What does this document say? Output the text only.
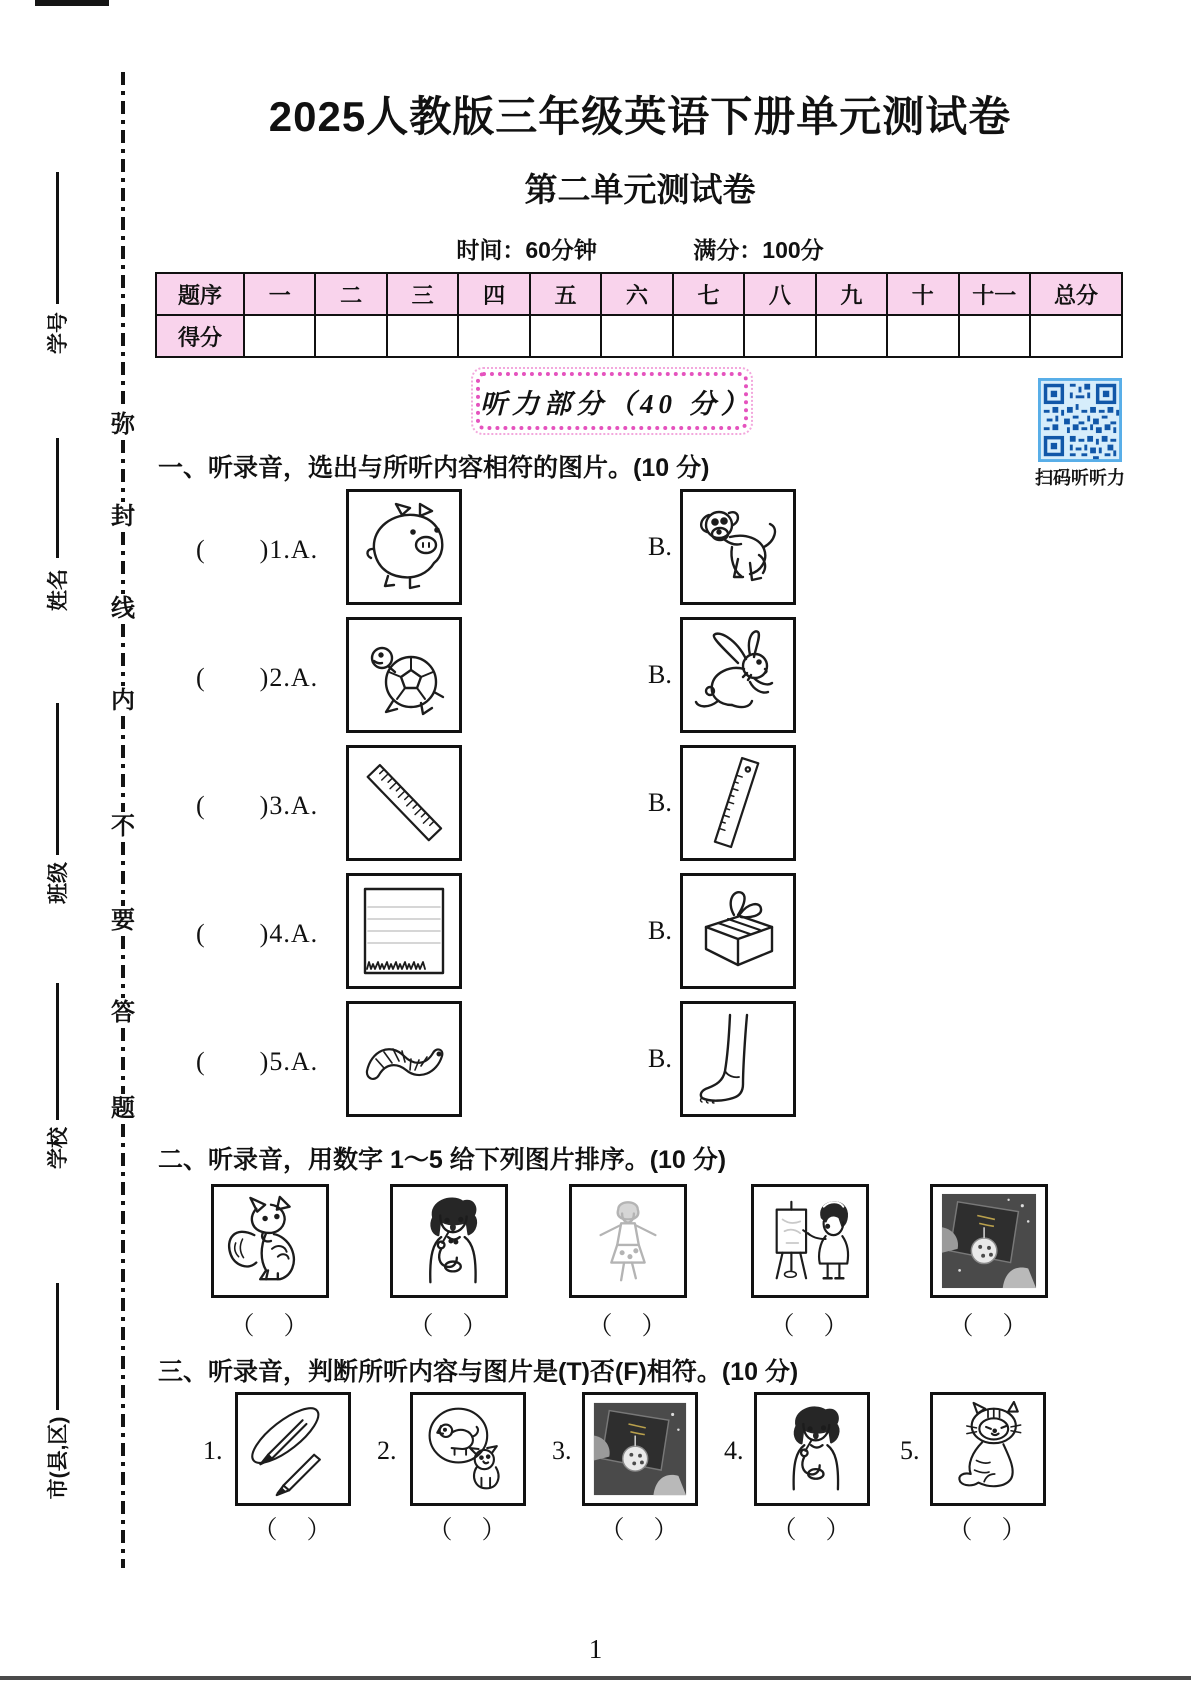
学号
姓名
班级
学校
市(县,区)
弥
封
线
内
不
要
答
题
2025人教版三年级英语下册单元测试卷
第二单元测试卷
时间：60分钟	满分：100分
题序	一	二	三	四	五	六	七	八	九	十	十一	总分
得分												
听力部分（40 分）
扫码听听力
一、听录音，选出与所听内容相符的图片。(10 分)
(　　)1.A.	B.
(　　)2.A.	B.
(　　)3.A.	B.
(　　)4.A.	B.
(　　)5.A.	B.
二、听录音，用数字 1～5 给下列图片排序。(10 分)
（　）	（　）	（　）	（　）	（　）
三、听录音，判断所听内容与图片是(T)否(F)相符。(10 分)
1.	2.	3.	4.	5.
（　）	（　）	（　）	（　）	（　）
1
